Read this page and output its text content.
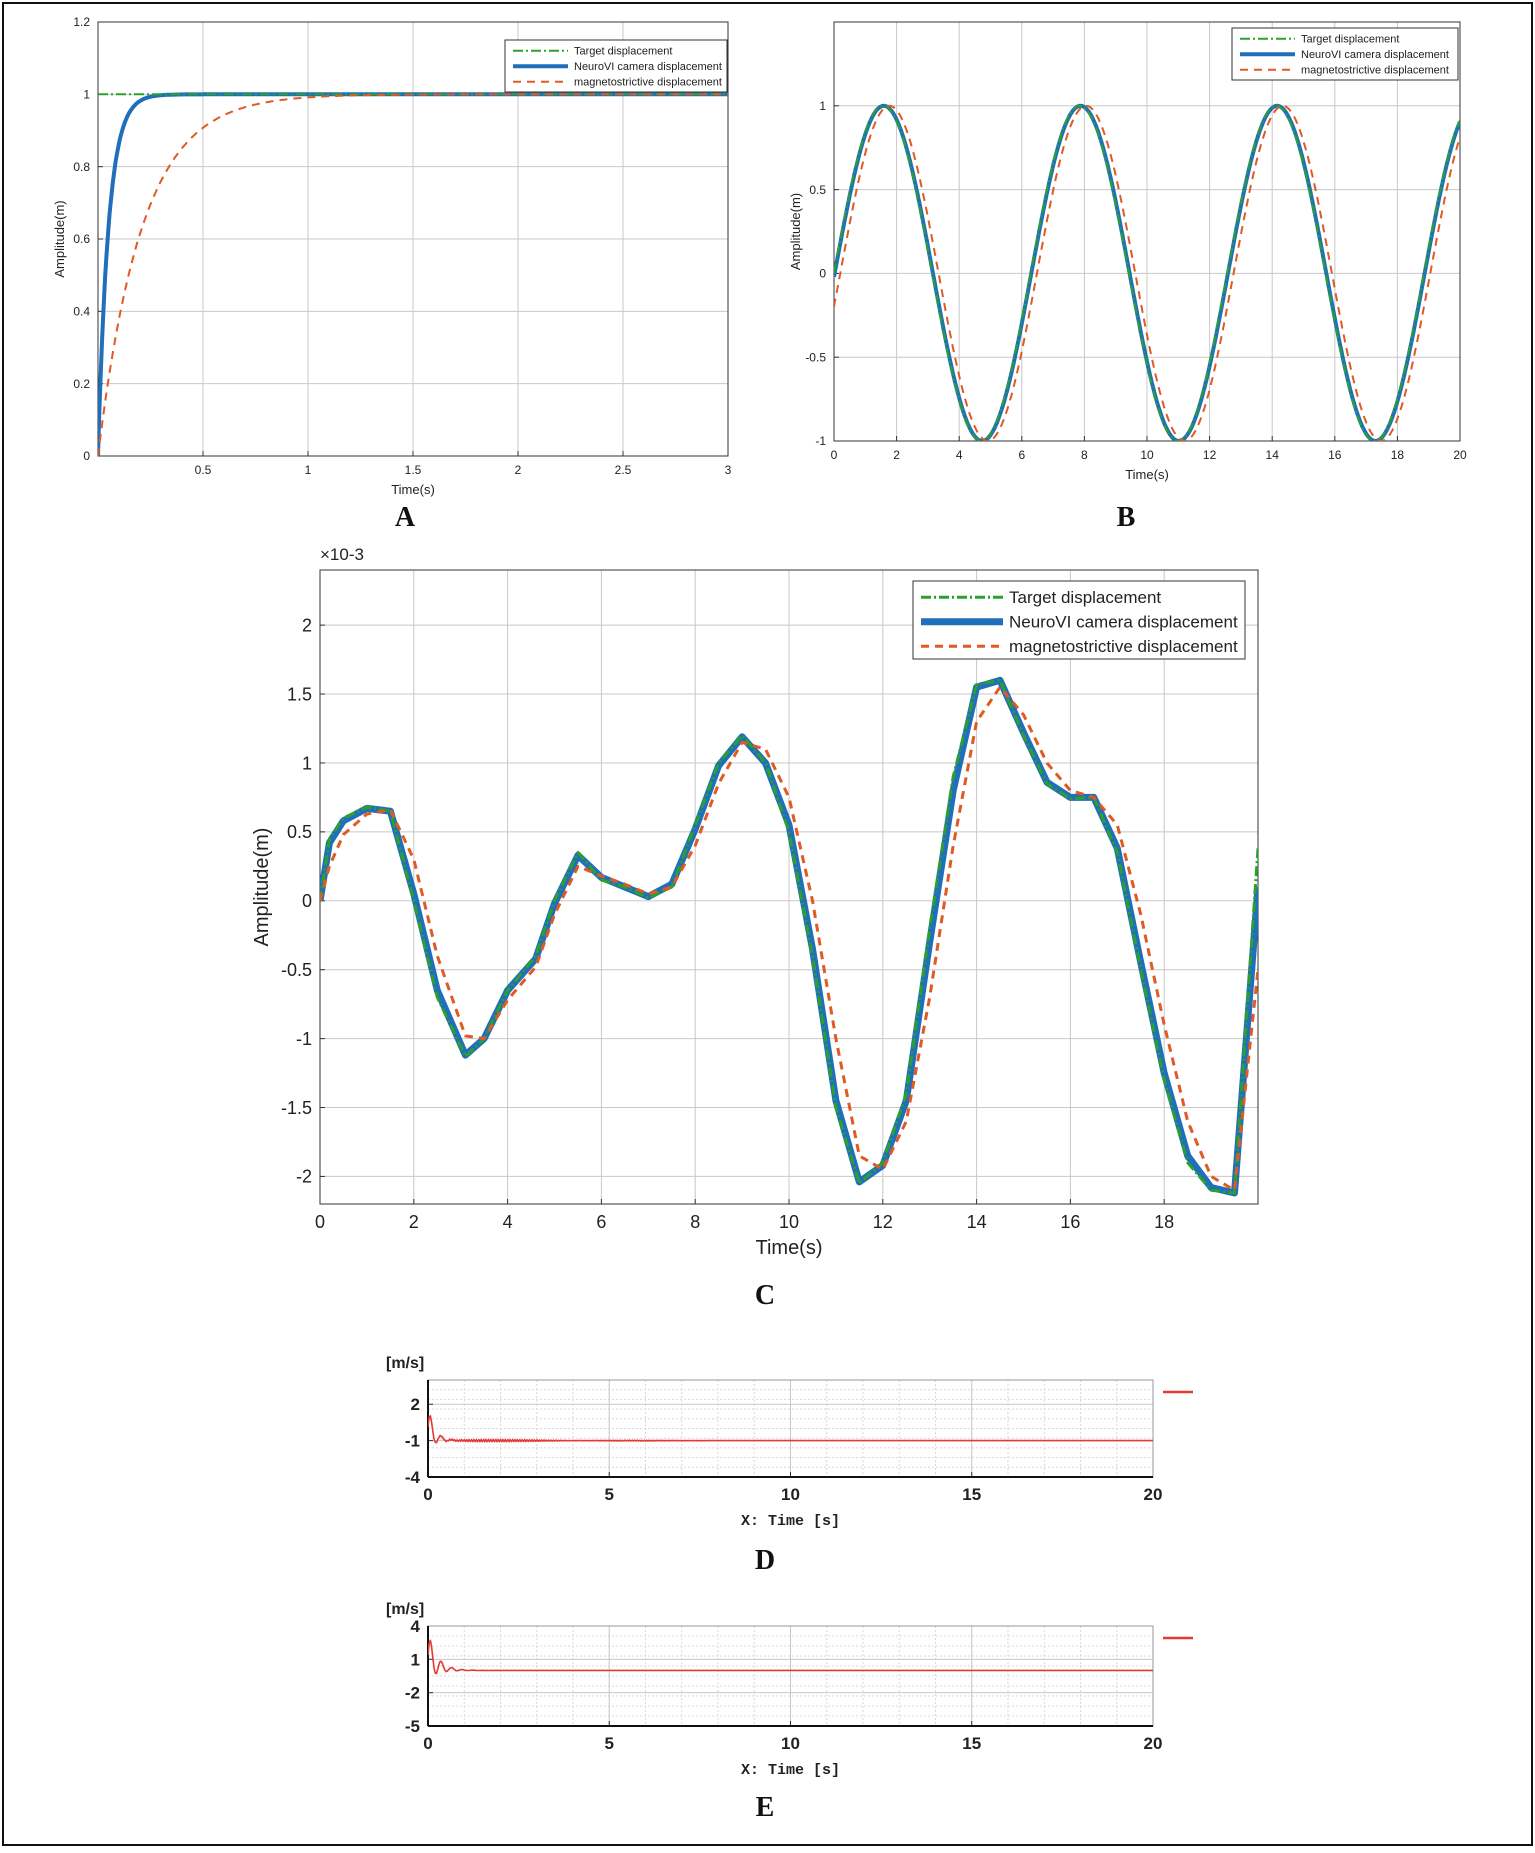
0.5	1	1.5	2	2.5	3
0
0.2
0.4
0.6
0.8
1
1.2
Time(s)
Amplitude(m)
Target displacement
NeuroVI camera displacement
magnetostrictive displacement
0	2	4	6	8	10	12	14	16	18	20
-1
-0.5
0
0.5
1
Time(s)
Amplitude(m)
Target displacement
NeuroVI camera displacement
magnetostrictive displacement
0	2	4	6	8	10	12	14	16	18
-2
-1.5
-1
-0.5
0
0.5
1
1.5
2
Time(s)
Amplitude(m)
×10-3
Target displacement
NeuroVI camera displacement
magnetostrictive displacement
0	5	10	15	20
2
-1
-4
X: Time [s]
[m/s]
0	5	10	15	20
4
1
-2
-5
X: Time [s]
[m/s]
A	B
C
D
E
